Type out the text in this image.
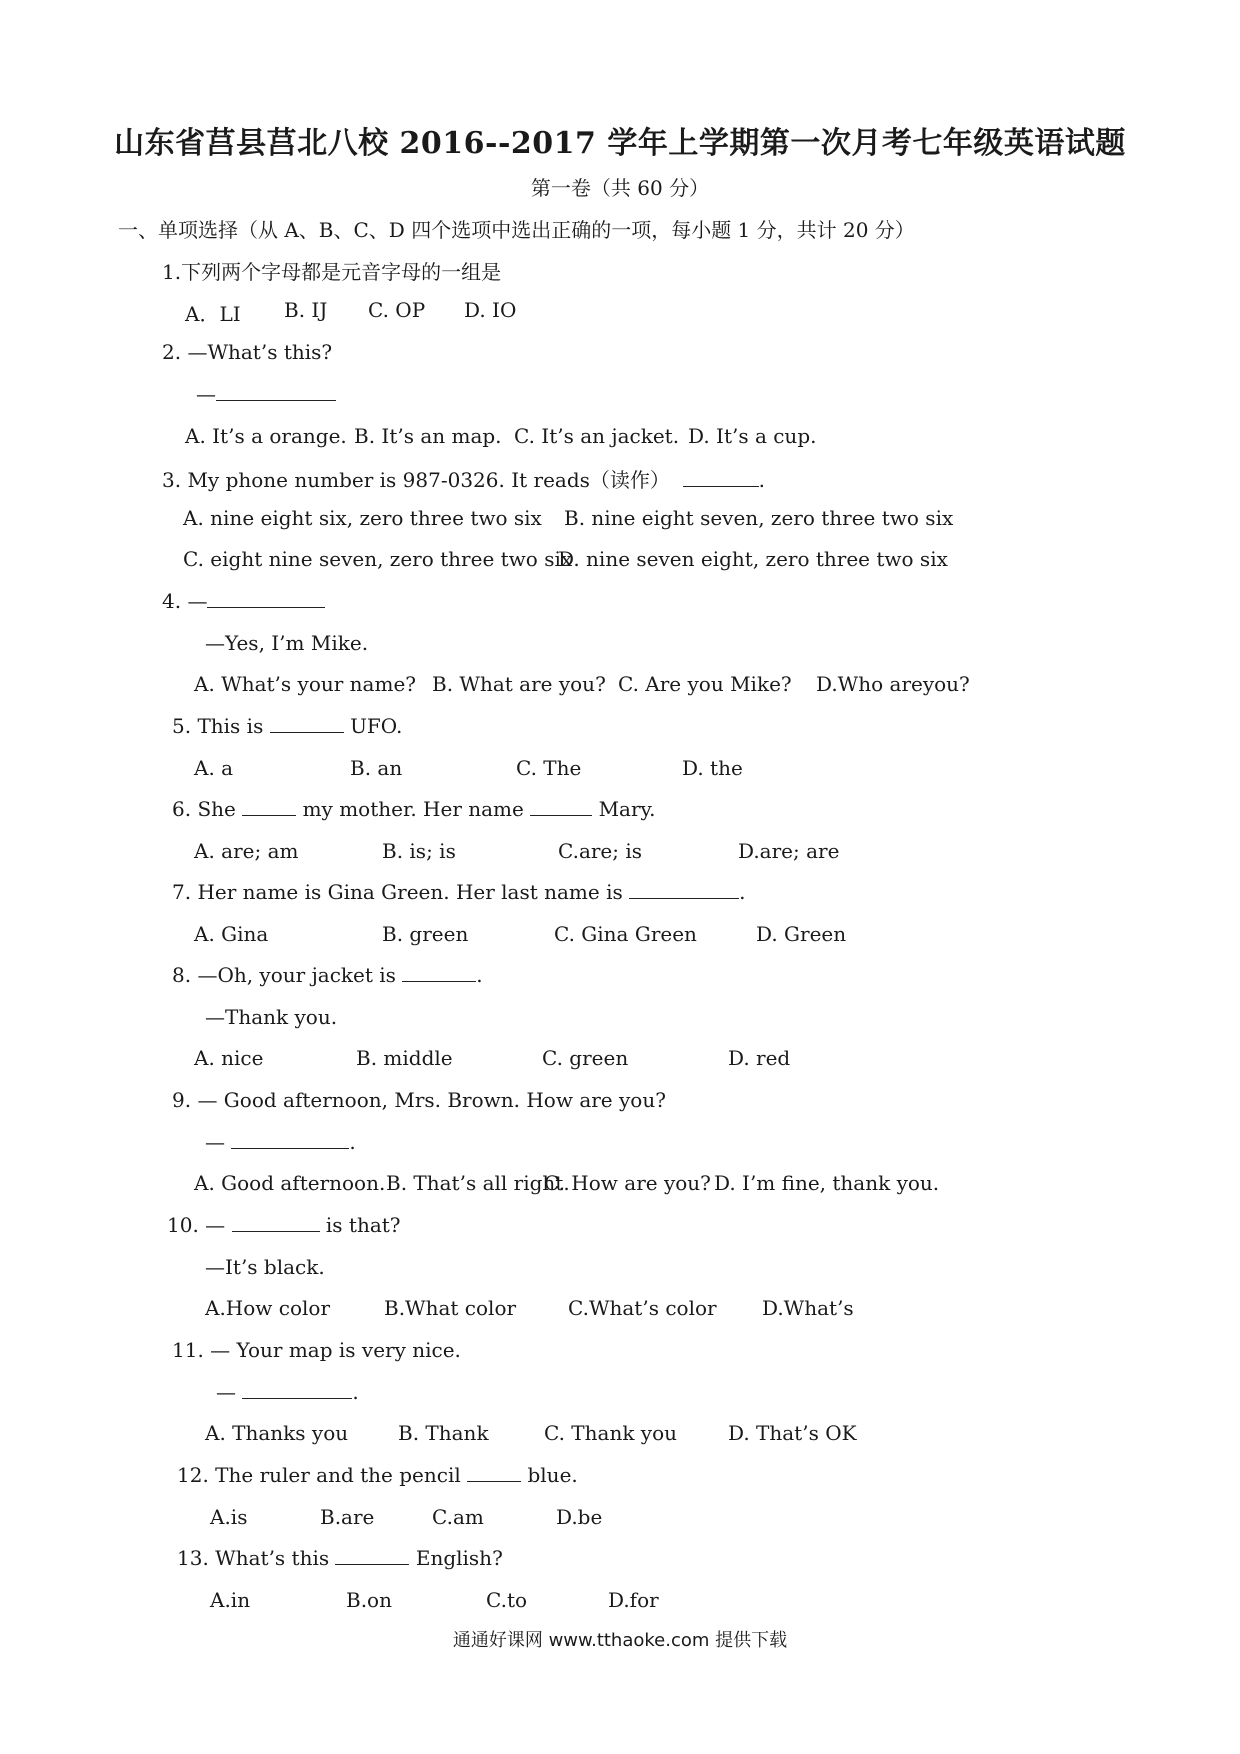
山东省莒县莒北八校 2016--2017 学年上学期第一次月考七年级英语试题
第一卷（共 60 分）
一、单项选择（从 A、B、C、D 四个选项中选出正确的一项，每小题 1 分，共计 20 分）
1.下列两个字母都是元音字母的一组是
A．LI B. IJ C. OP D. IO
2. —What’s this?
—
A. It’s a orange. B. It’s an map. C. It’s an jacket. D. It’s a cup.
3. My phone number is 987-0326. It reads（读作）	.
A. nine eight six, zero three two six B. nine eight seven, zero three two six
C. eight nine seven, zero three two six
D. nine seven eight, zero three two six
4. —
—Yes, I’m Mike.
A. What’s your name? B. What are you? C. Are you Mike? D.Who areyou?
5. This is	UFO.
A. a	B. an	C. The	D. the
6. She	my mother. Her name	Mary.
A. are; am	B. is; is	C.are; is	D.are; are
7. Her name is Gina Green. Her last name is	.
A. Gina	B. green	C. Gina Green	D. Green
8. —Oh, your jacket is	.
—Thank you.
A. nice	B. middle	C. green	D. red
9. — Good afternoon, Mrs. Brown. How are you?
—	.
A. Good afternoon. B. That’s all right.
C. How are you? D. I’m fine, thank you.
10. —	is that?
—It’s black.
A.How color	B.What color	C.What’s color D.What’s
11. — Your map is very nice.
—	.
A. Thanks you B. Thank	C. Thank you	D. That’s OK
12. The ruler and the pencil	blue.
A.is	B.are	C.am	D.be
13. What’s this	English?
A.in	B.on	C.to	D.for
通通好课网 www.tthaoke.com 提供下载
